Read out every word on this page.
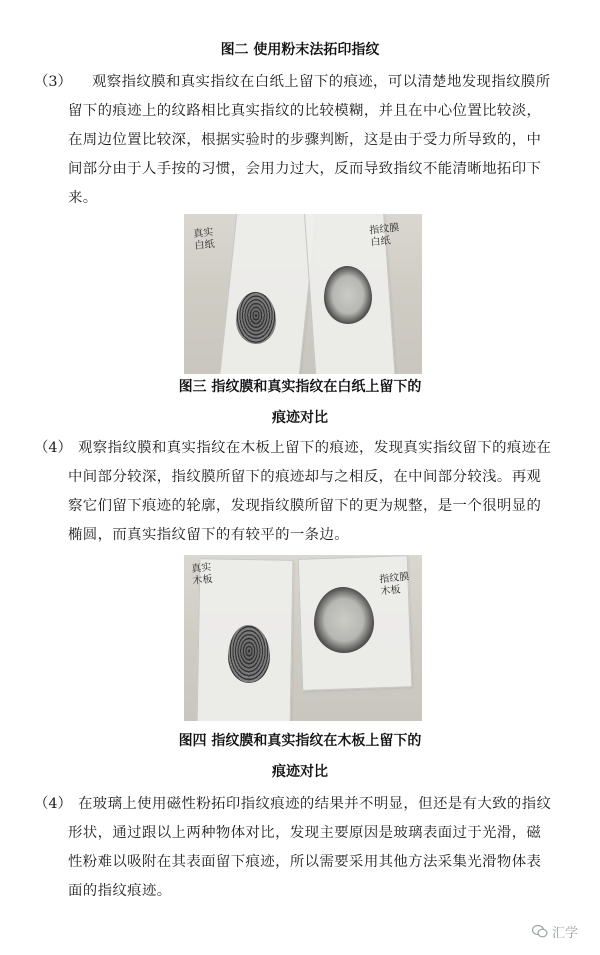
图二 使用粉末法拓印指纹
（3） 观察指纹膜和真实指纹在白纸上留下的痕迹，可以清楚地发现指纹膜所
留下的痕迹上的纹路相比真实指纹的比较模糊，并且在中心位置比较淡，
在周边位置比较深，根据实验时的步骤判断，这是由于受力所导致的，中
间部分由于人手按的习惯，会用力过大，反而导致指纹不能清晰地拓印下
来。
真实
白纸
指纹膜
白纸
图三 指纹膜和真实指纹在白纸上留下的
痕迹对比
（4） 观察指纹膜和真实指纹在木板上留下的痕迹，发现真实指纹留下的痕迹在
中间部分较深，指纹膜所留下的痕迹却与之相反，在中间部分较浅。再观
察它们留下痕迹的轮廓，发现指纹膜所留下的更为规整，是一个很明显的
椭圆，而真实指纹留下的有较平的一条边。
真实
木板	指纹膜
木板
图四 指纹膜和真实指纹在木板上留下的
痕迹对比
（4） 在玻璃上使用磁性粉拓印指纹痕迹的结果并不明显，但还是有大致的指纹
形状，通过跟以上两种物体对比，发现主要原因是玻璃表面过于光滑，磁
性粉难以吸附在其表面留下痕迹，所以需要采用其他方法采集光滑物体表
面的指纹痕迹。
汇学
